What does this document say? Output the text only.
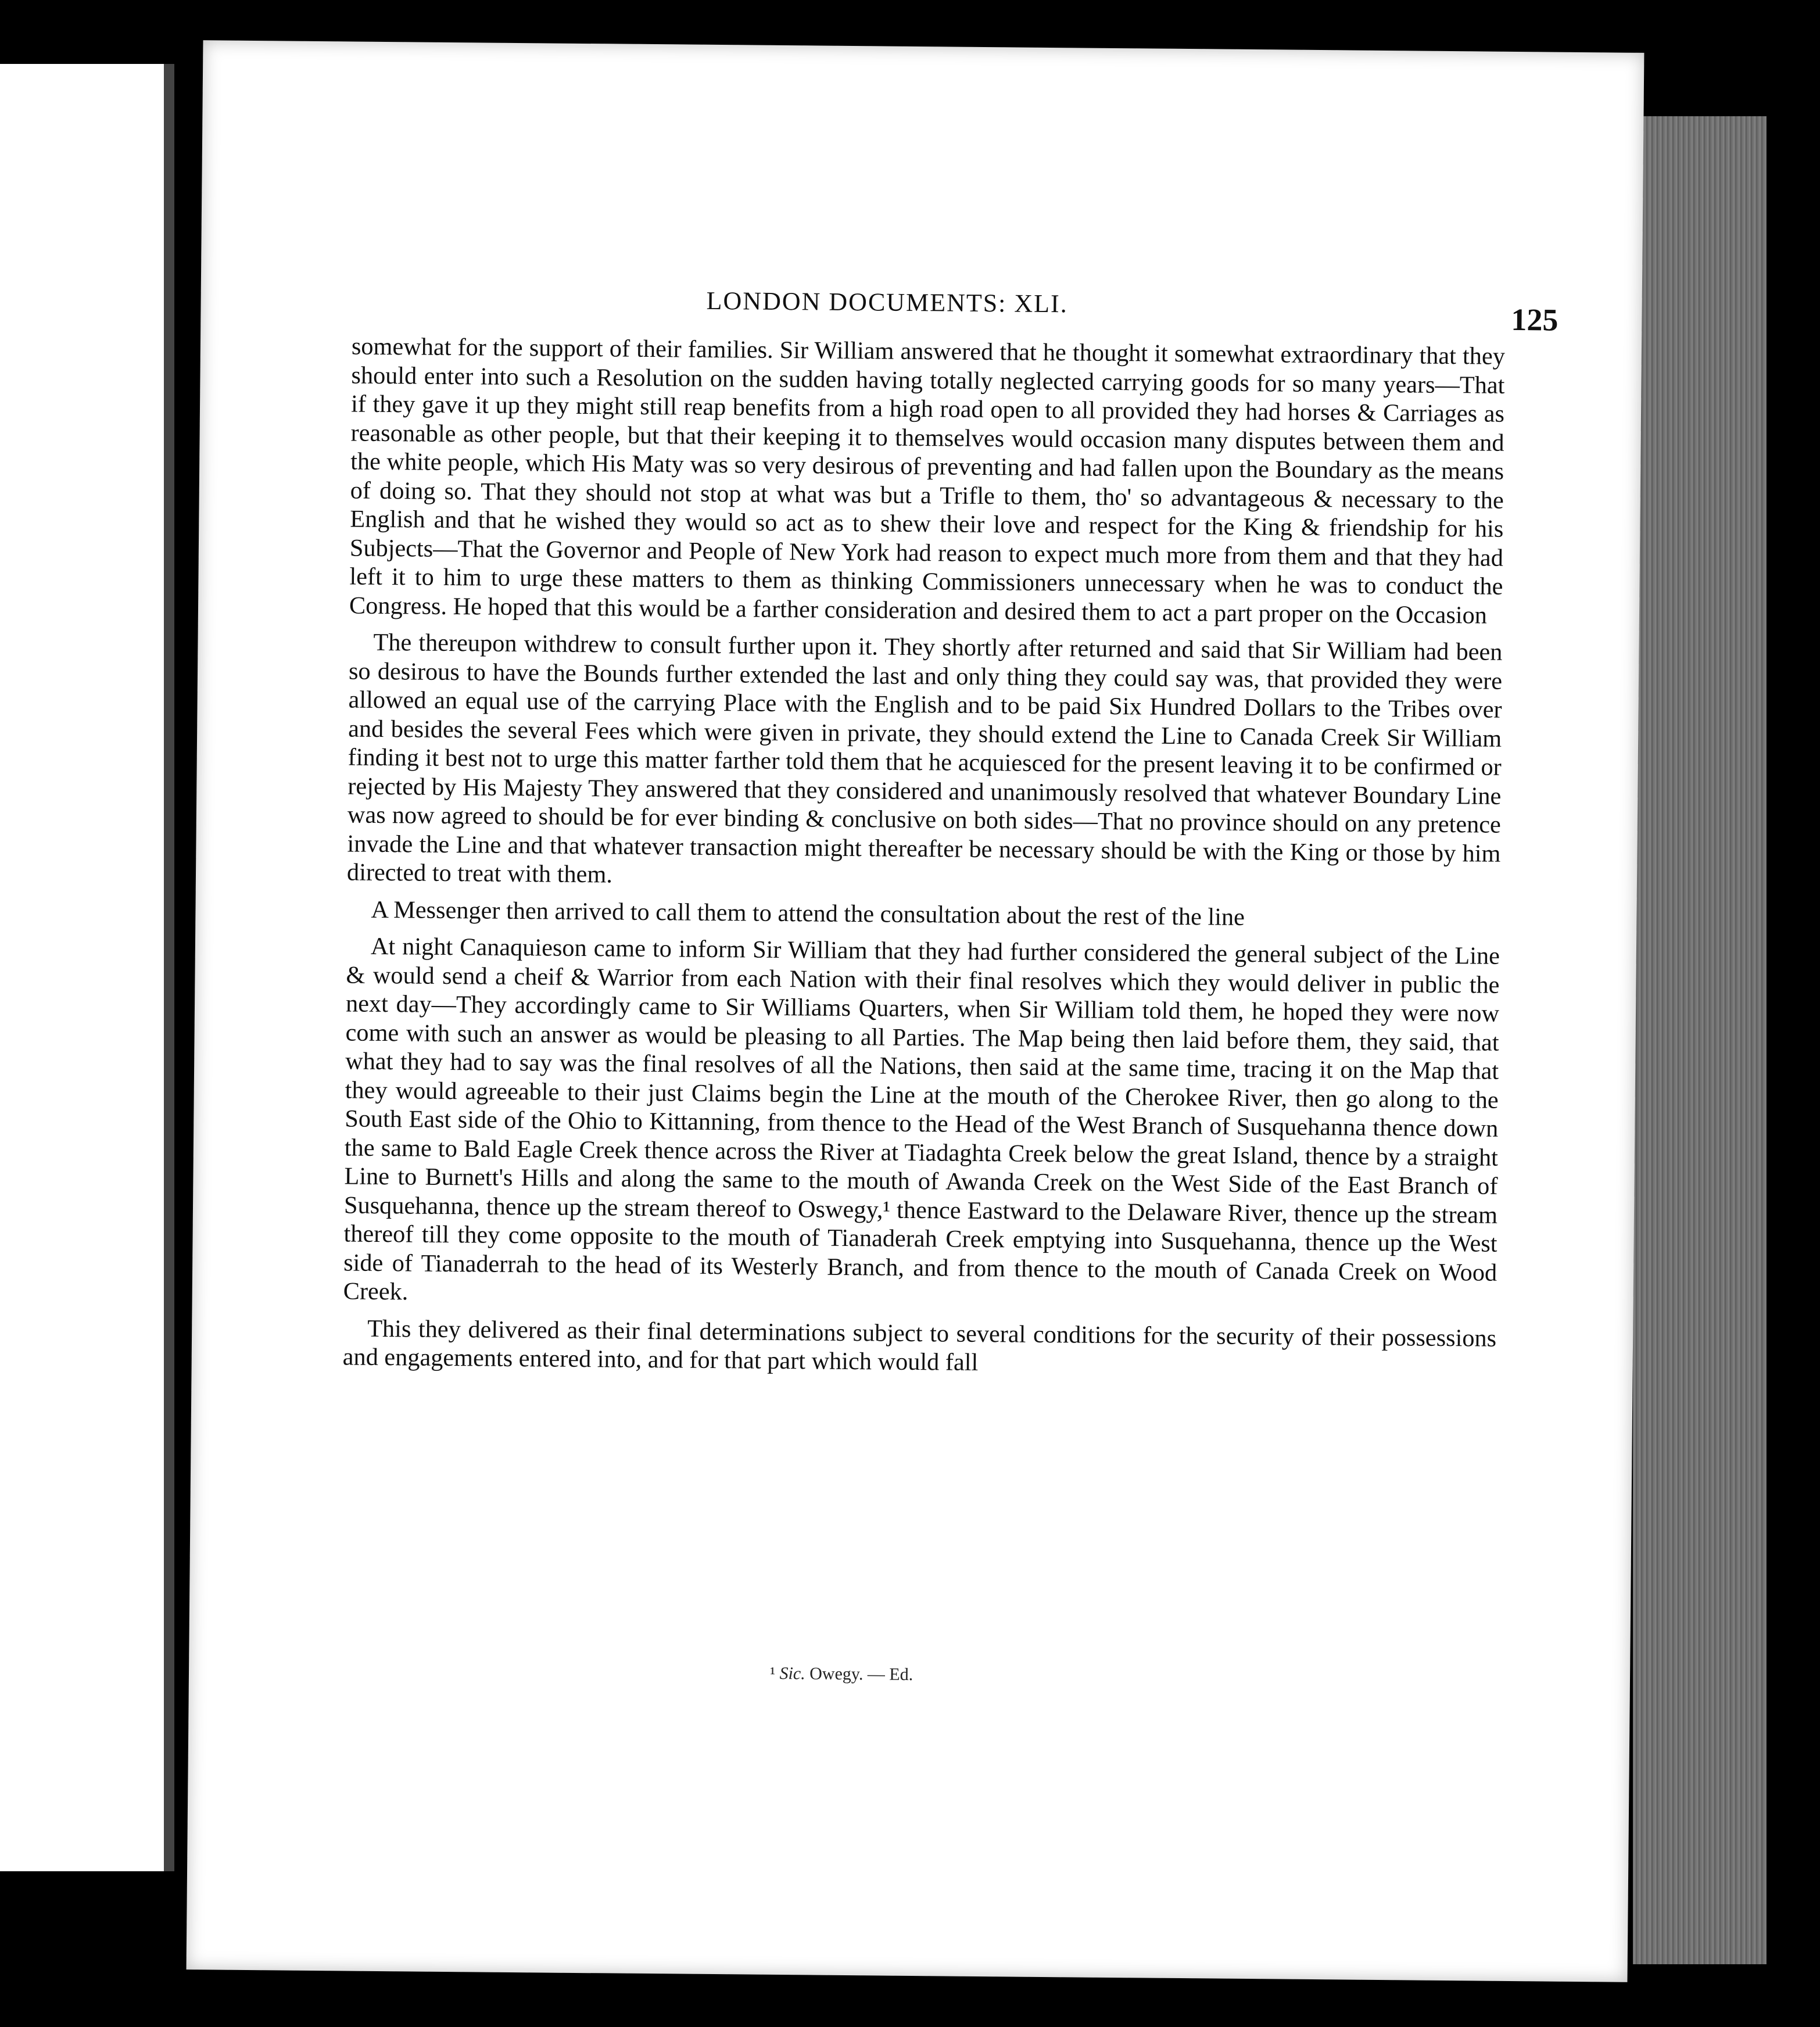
LONDON DOCUMENTS: XLI.	125

somewhat for the support of their families. Sir William answered that he thought it somewhat extraordinary that they should enter into such a Resolution on the sudden having totally neglected carrying goods for so many years—That if they gave it up they might still reap benefits from a high road open to all provided they had horses & Carriages as reasonable as other people, but that their keeping it to themselves would occasion many disputes between them and the white people, which His Maty was so very desirous of preventing and had fallen upon the Boundary as the means of doing so. That they should not stop at what was but a Trifle to them, tho' so advantageous & necessary to the English and that he wished they would so act as to shew their love and respect for the King & friendship for his Subjects—That the Governor and People of New York had reason to expect much more from them and that they had left it to him to urge these matters to them as thinking Commissioners unnecessary when he was to conduct the Congress. He hoped that this would be a farther consideration and desired them to act a part proper on the Occasion

The thereupon withdrew to consult further upon it. They shortly after returned and said that Sir William had been so desirous to have the Bounds further extended the last and only thing they could say was, that provided they were allowed an equal use of the carrying Place with the English and to be paid Six Hundred Dollars to the Tribes over and besides the several Fees which were given in private, they should extend the Line to Canada Creek Sir William finding it best not to urge this matter farther told them that he acquiesced for the present leaving it to be confirmed or rejected by His Majesty They answered that they considered and unanimously resolved that whatever Boundary Line was now agreed to should be for ever binding & conclusive on both sides—That no province should on any pretence invade the Line and that whatever transaction might thereafter be necessary should be with the King or those by him directed to treat with them.

A Messenger then arrived to call them to attend the consultation about the rest of the line

At night Canaquieson came to inform Sir William that they had further considered the general subject of the Line & would send a cheif & Warrior from each Nation with their final resolves which they would deliver in public the next day—They accordingly came to Sir Williams Quarters, when Sir William told them, he hoped they were now come with such an answer as would be pleasing to all Parties. The Map being then laid before them, they said, that what they had to say was the final resolves of all the Nations, then said at the same time, tracing it on the Map that they would agreeable to their just Claims begin the Line at the mouth of the Cherokee River, then go along to the South East side of the Ohio to Kittanning, from thence to the Head of the West Branch of Susquehanna thence down the same to Bald Eagle Creek thence across the River at Tiadaghta Creek below the great Island, thence by a straight Line to Burnett's Hills and along the same to the mouth of Awanda Creek on the West Side of the East Branch of Susquehanna, thence up the stream thereof to Oswegy,¹ thence Eastward to the Delaware River, thence up the stream thereof till they come opposite to the mouth of Tianaderah Creek emptying into Susquehanna, thence up the West side of Tianaderrah to the head of its Westerly Branch, and from thence to the mouth of Canada Creek on Wood Creek.

This they delivered as their final determinations subject to several conditions for the security of their possessions and engagements entered into, and for that part which would fall

¹ Sic. Owegy. — Ed.
